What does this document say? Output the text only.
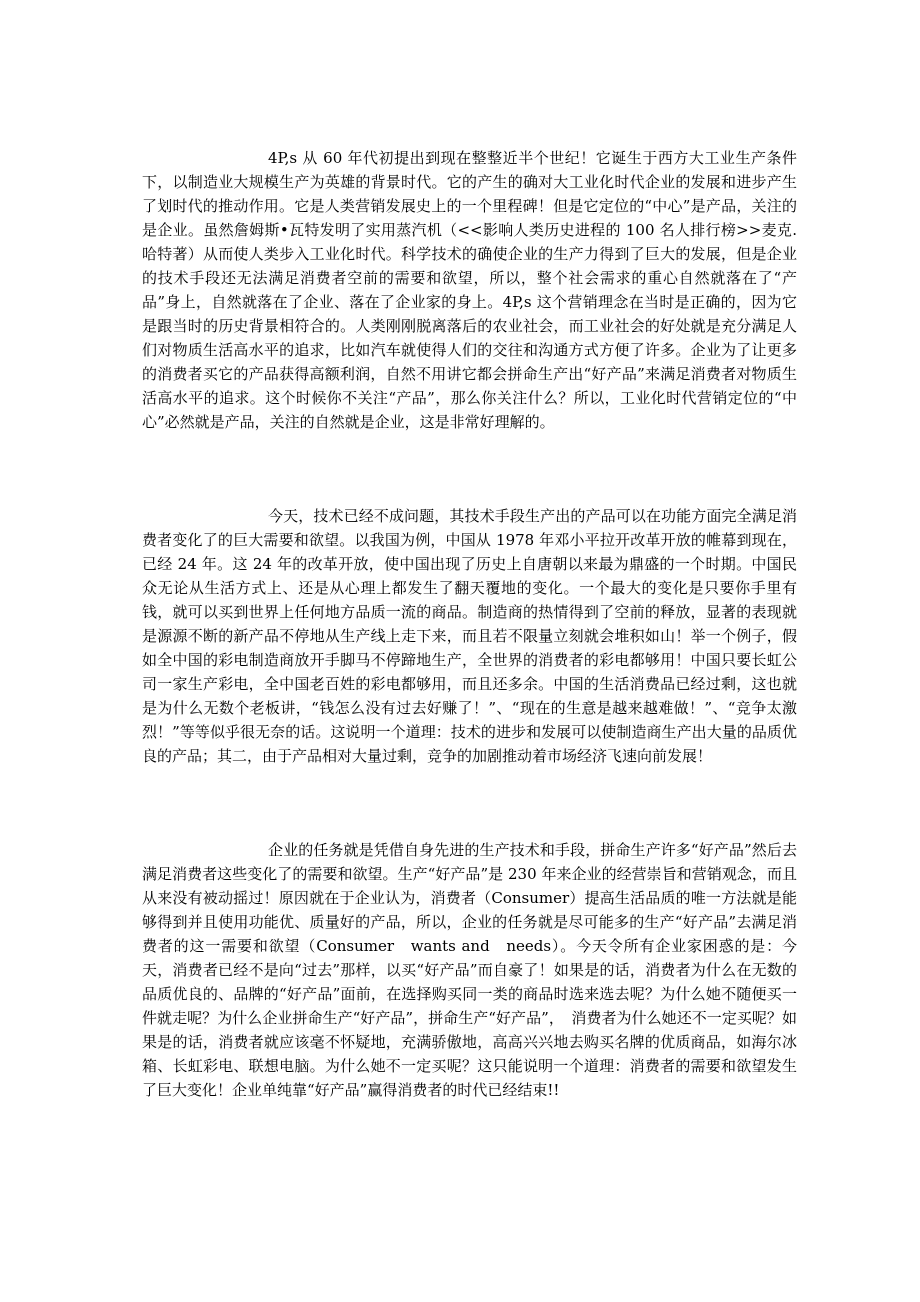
4P,s 从 60 年代初提出到现在整整近半个世纪！它诞生于西方大工业生产条件下，以制造业大规模生产为英雄的背景时代。它的产生的确对大工业化时代企业的发展和进步产生了划时代的推动作用。它是人类营销发展史上的一个里程碑！但是它定位的“中心”是产品，关注的是企业。虽然詹姆斯•瓦特发明了实用蒸汽机（<<影响人类历史进程的 100 名人排行榜>>麦克.哈特著）从而使人类步入工业化时代。科学技术的确使企业的生产力得到了巨大的发展，但是企业的技术手段还无法满足消费者空前的需要和欲望，所以，整个社会需求的重心自然就落在了“产品”身上，自然就落在了企业、落在了企业家的身上。4P,s 这个营销理念在当时是正确的，因为它是跟当时的历史背景相符合的。人类刚刚脱离落后的农业社会，而工业社会的好处就是充分满足人们对物质生活高水平的追求，比如汽车就使得人们的交往和沟通方式方便了许多。企业为了让更多的消费者买它的产品获得高额利润，自然不用讲它都会拼命生产出“好产品”来满足消费者对物质生活高水平的追求。这个时候你不关注“产品”，那么你关注什么？所以，工业化时代营销定位的“中心”必然就是产品，关注的自然就是企业，这是非常好理解的。

今天，技术已经不成问题，其技术手段生产出的产品可以在功能方面完全满足消费者变化了的巨大需要和欲望。以我国为例，中国从 1978 年邓小平拉开改革开放的帷幕到现在，已经 24 年。这 24 年的改革开放，使中国出现了历史上自唐朝以来最为鼎盛的一个时期。中国民众无论从生活方式上、还是从心理上都发生了翻天覆地的变化。一个最大的变化是只要你手里有钱，就可以买到世界上任何地方品质一流的商品。制造商的热情得到了空前的释放，显著的表现就是源源不断的新产品不停地从生产线上走下来，而且若不限量立刻就会堆积如山！举一个例子，假如全中国的彩电制造商放开手脚马不停蹄地生产，全世界的消费者的彩电都够用！中国只要长虹公司一家生产彩电，全中国老百姓的彩电都够用，而且还多余。中国的生活消费品已经过剩，这也就是为什么无数个老板讲，“钱怎么没有过去好赚了！”、“现在的生意是越来越难做！”、“竞争太激烈！”等等似乎很无奈的话。这说明一个道理：技术的进步和发展可以使制造商生产出大量的品质优良的产品；其二，由于产品相对大量过剩，竞争的加剧推动着市场经济飞速向前发展！

企业的任务就是凭借自身先进的生产技术和手段，拼命生产许多“好产品”然后去满足消费者这些变化了的需要和欲望。生产“好产品”是 230 年来企业的经营崇旨和营销观念，而且从来没有被动摇过！原因就在于企业认为，消费者（Consumer）提高生活品质的唯一方法就是能够得到并且使用功能优、质量好的产品，所以，企业的任务就是尽可能多的生产“好产品”去满足消费者的这一需要和欲望（Consumer　wants and　needs）。今天令所有企业家困惑的是：今天，消费者已经不是向“过去”那样，以买“好产品”而自豪了！如果是的话，消费者为什么在无数的品质优良的、品牌的“好产品”面前，在选择购买同一类的商品时选来选去呢？为什么她不随便买一件就走呢？为什么企业拼命生产“好产品”，拼命生产“好产品”，　消费者为什么她还不一定买呢？如果是的话，消费者就应该毫不怀疑地，充满骄傲地，高高兴兴地去购买名牌的优质商品，如海尔冰箱、长虹彩电、联想电脑。为什么她不一定买呢？这只能说明一个道理：消费者的需要和欲望发生了巨大变化！企业单纯靠“好产品”赢得消费者的时代已经结束!!
